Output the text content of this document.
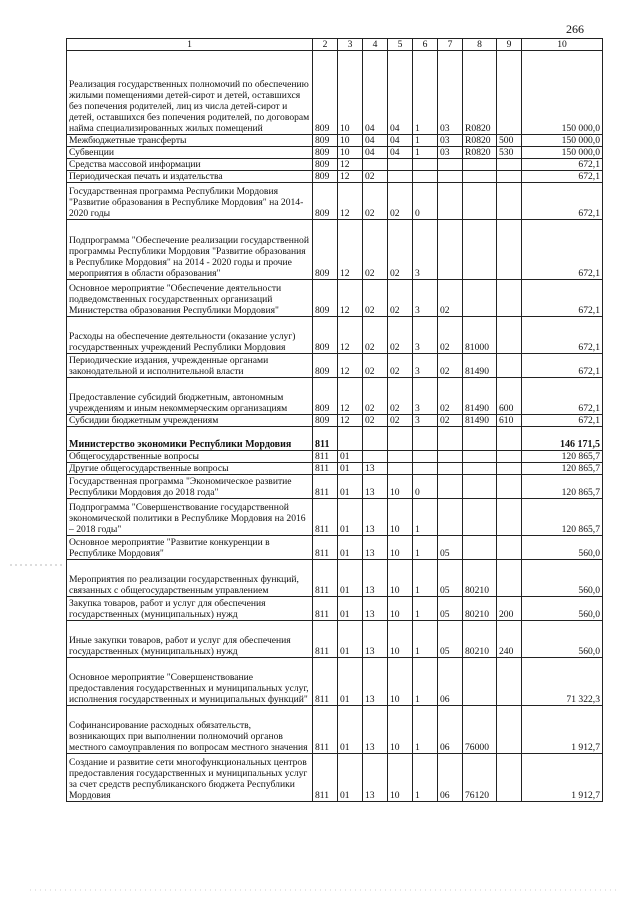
266
1	2	3	4	5	6	7	8	9	10
Реализация государственных полномочий по обеспечению жилыми помещениями детей-сирот и детей, оставшихся без попечения родителей, лиц из числа детей-сирот и детей, оставшихся без попечения родителей, по договорам найма специализированных жилых помещений	809	10	04	04	1	03	R0820		150 000,0
Межбюджетные трансферты	809	10	04	04	1	03	R0820	500	150 000,0
Субвенции	809	10	04	04	1	03	R0820	530	150 000,0
Средства массовой информации	809	12							672,1
Периодическая печать и издательства	809	12	02						672,1
Государственная программа Республики Мордовия "Развитие образования в Республике Мордовия" на 2014-2020 годы	809	12	02	02	0				672,1
Подпрограмма "Обеспечение реализации государственной программы Республики Мордовия "Развитие образования в Республике Мордовия" на 2014 - 2020 годы и прочие мероприятия в области образования"	809	12	02	02	3				672,1
Основное мероприятие "Обеспечение деятельности подведомственных государственных организаций Министерства образования Республики Мордовия"	809	12	02	02	3	02			672,1
Расходы на обеспечение деятельности (оказание услуг) государственных учреждений Республики Мордовия	809	12	02	02	3	02	81000		672,1
Периодические издания, учрежденные органами законодательной и исполнительной власти	809	12	02	02	3	02	81490		672,1
Предоставление субсидий бюджетным, автономным учреждениям и иным некоммерческим организациям	809	12	02	02	3	02	81490	600	672,1
Субсидии бюджетным учреждениям	809	12	02	02	3	02	81490	610	672,1
Министерство экономики Республики Мордовия	811								146 171,5
Общегосударственные вопросы	811	01							120 865,7
Другие общегосударственные вопросы	811	01	13						120 865,7
Государственная программа "Экономическое развитие Республики Мордовия до 2018 года"	811	01	13	10	0				120 865,7
Подпрограмма "Совершенствование государственной экономической политики в Республике Мордовия на 2016 – 2018 годы"	811	01	13	10	1				120 865,7
Основное мероприятие "Развитие конкуренции в Республике Мордовия"	811	01	13	10	1	05			560,0
Мероприятия по реализации государственных функций, связанных с общегосударственным управлением	811	01	13	10	1	05	80210		560,0
Закупка товаров, работ и услуг для обеспечения государственных (муниципальных) нужд	811	01	13	10	1	05	80210	200	560,0
Иные закупки товаров, работ и услуг для обеспечения государственных (муниципальных) нужд	811	01	13	10	1	05	80210	240	560,0
Основное мероприятие "Совершенствование предоставления государственных и муниципальных услуг, исполнения государственных и муниципальных функций"	811	01	13	10	1	06			71 322,3
Софинансирование расходных обязательств, возникающих при выполнении полномочий органов местного самоуправления по вопросам местного значения	811	01	13	10	1	06	76000		1 912,7
Создание и развитие сети многофункциональных центров предоставления государственных и муниципальных услуг за счет средств республиканского бюджета Республики Мордовия	811	01	13	10	1	06	76120		1 912,7
